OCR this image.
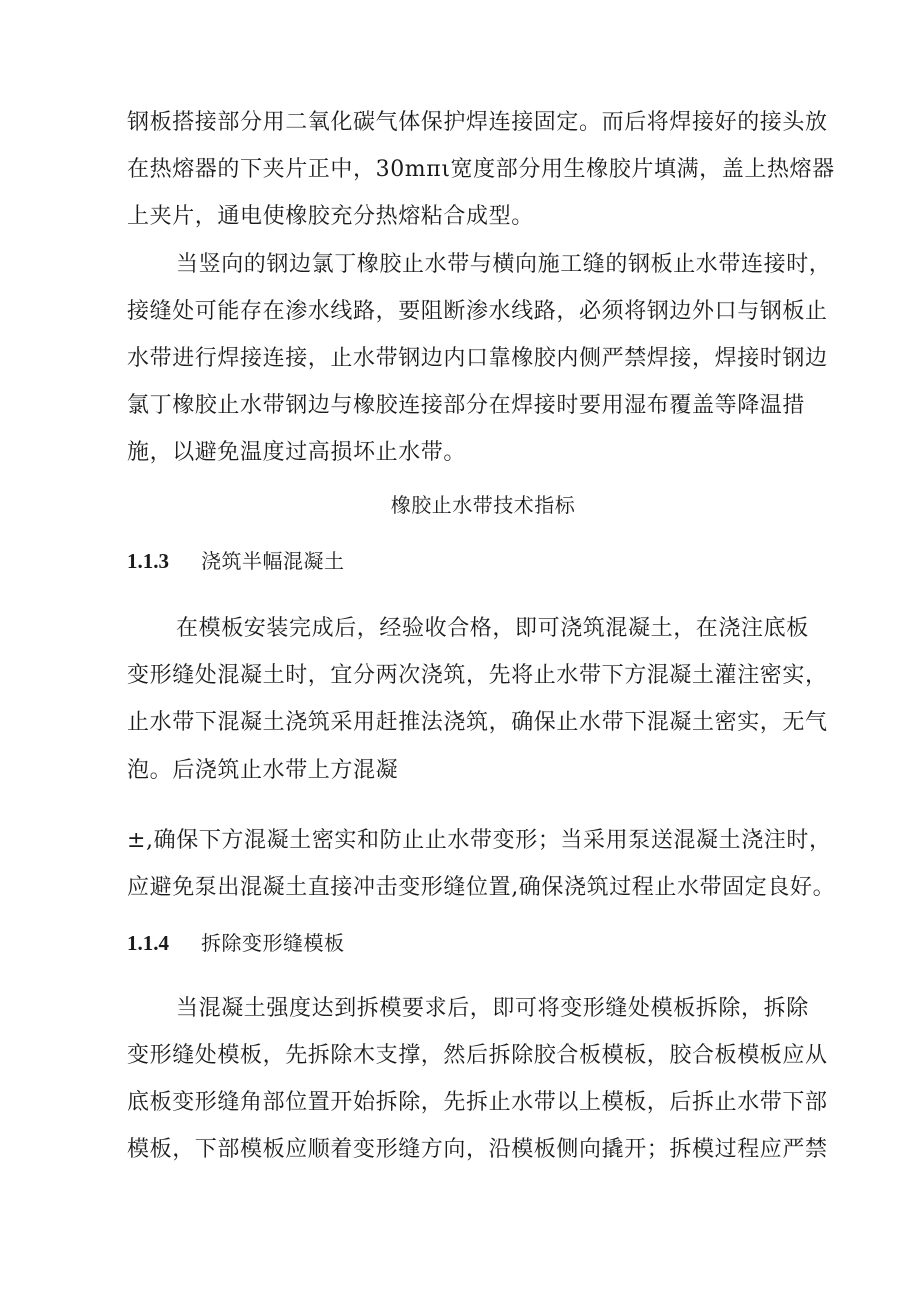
钢板搭接部分用二氧化碳气体保护焊连接固定。而后将焊接好的接头放
在热熔器的下夹片正中，30mπι宽度部分用生橡胶片填满，盖上热熔器
上夹片，通电使橡胶充分热熔粘合成型。
当竖向的钢边氯丁橡胶止水带与横向施工缝的钢板止水带连接时，
接缝处可能存在渗水线路，要阻断渗水线路，必须将钢边外口与钢板止
水带进行焊接连接，止水带钢边内口靠橡胶内侧严禁焊接，焊接时钢边
氯丁橡胶止水带钢边与橡胶连接部分在焊接时要用湿布覆盖等降温措
施，以避免温度过高损坏止水带。
橡胶止水带技术指标
1.1.3 浇筑半幅混凝土
在模板安装完成后，经验收合格，即可浇筑混凝土，在浇注底板
变形缝处混凝土时，宜分两次浇筑，先将止水带下方混凝土灌注密实，
止水带下混凝土浇筑采用赶推法浇筑，确保止水带下混凝土密实，无气
泡。后浇筑止水带上方混凝
±,确保下方混凝土密实和防止止水带变形；当采用泵送混凝土浇注时，
应避免泵出混凝土直接冲击变形缝位置,确保浇筑过程止水带固定良好。
1.1.4 拆除变形缝模板
当混凝土强度达到拆模要求后，即可将变形缝处模板拆除，拆除
变形缝处模板，先拆除木支撑，然后拆除胶合板模板，胶合板模板应从
底板变形缝角部位置开始拆除，先拆止水带以上模板，后拆止水带下部
模板，下部模板应顺着变形缝方向，沿模板侧向撬开；拆模过程应严禁
